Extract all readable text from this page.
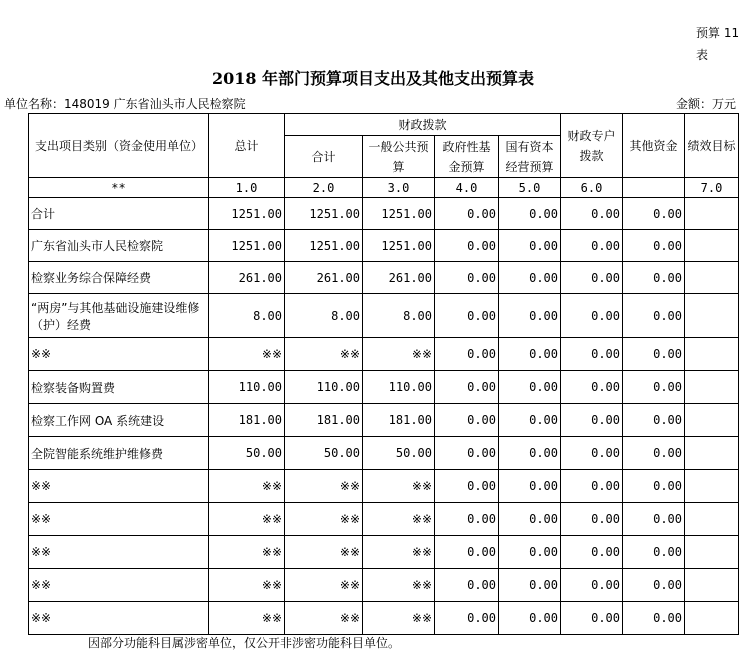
预算 11 表
2018 年部门预算项目支出及其他支出预算表
单位名称：148019 广东省汕头市人民检察院	金额：万元
支出项目类别（资金使用单位）	总计	财政拨款				财政专户拨款	其他资金	绩效目标
		合计	一般公共预算	政府性基金预算	国有资本经营预算			
**	1.0	2.0	3.0	4.0	5.0	6.0		7.0
合计	1251.00	1251.00	1251.00	0.00	0.00	0.00	0.00	
广东省汕头市人民检察院	1251.00	1251.00	1251.00	0.00	0.00	0.00	0.00	
检察业务综合保障经费	261.00	261.00	261.00	0.00	0.00	0.00	0.00	
“两房”与其他基础设施建设维修（护）经费	8.00	8.00	8.00	0.00	0.00	0.00	0.00	
※※	※※	※※	※※	0.00	0.00	0.00	0.00	
检察装备购置费	110.00	110.00	110.00	0.00	0.00	0.00	0.00	
检察工作网 OA 系统建设	181.00	181.00	181.00	0.00	0.00	0.00	0.00	
全院智能系统维护维修费	50.00	50.00	50.00	0.00	0.00	0.00	0.00	
※※	※※	※※	※※	0.00	0.00	0.00	0.00	
※※	※※	※※	※※	0.00	0.00	0.00	0.00	
※※	※※	※※	※※	0.00	0.00	0.00	0.00	
※※	※※	※※	※※	0.00	0.00	0.00	0.00	
※※	※※	※※	※※	0.00	0.00	0.00	0.00	
因部分功能科目属涉密单位，仅公开非涉密功能科目单位。
